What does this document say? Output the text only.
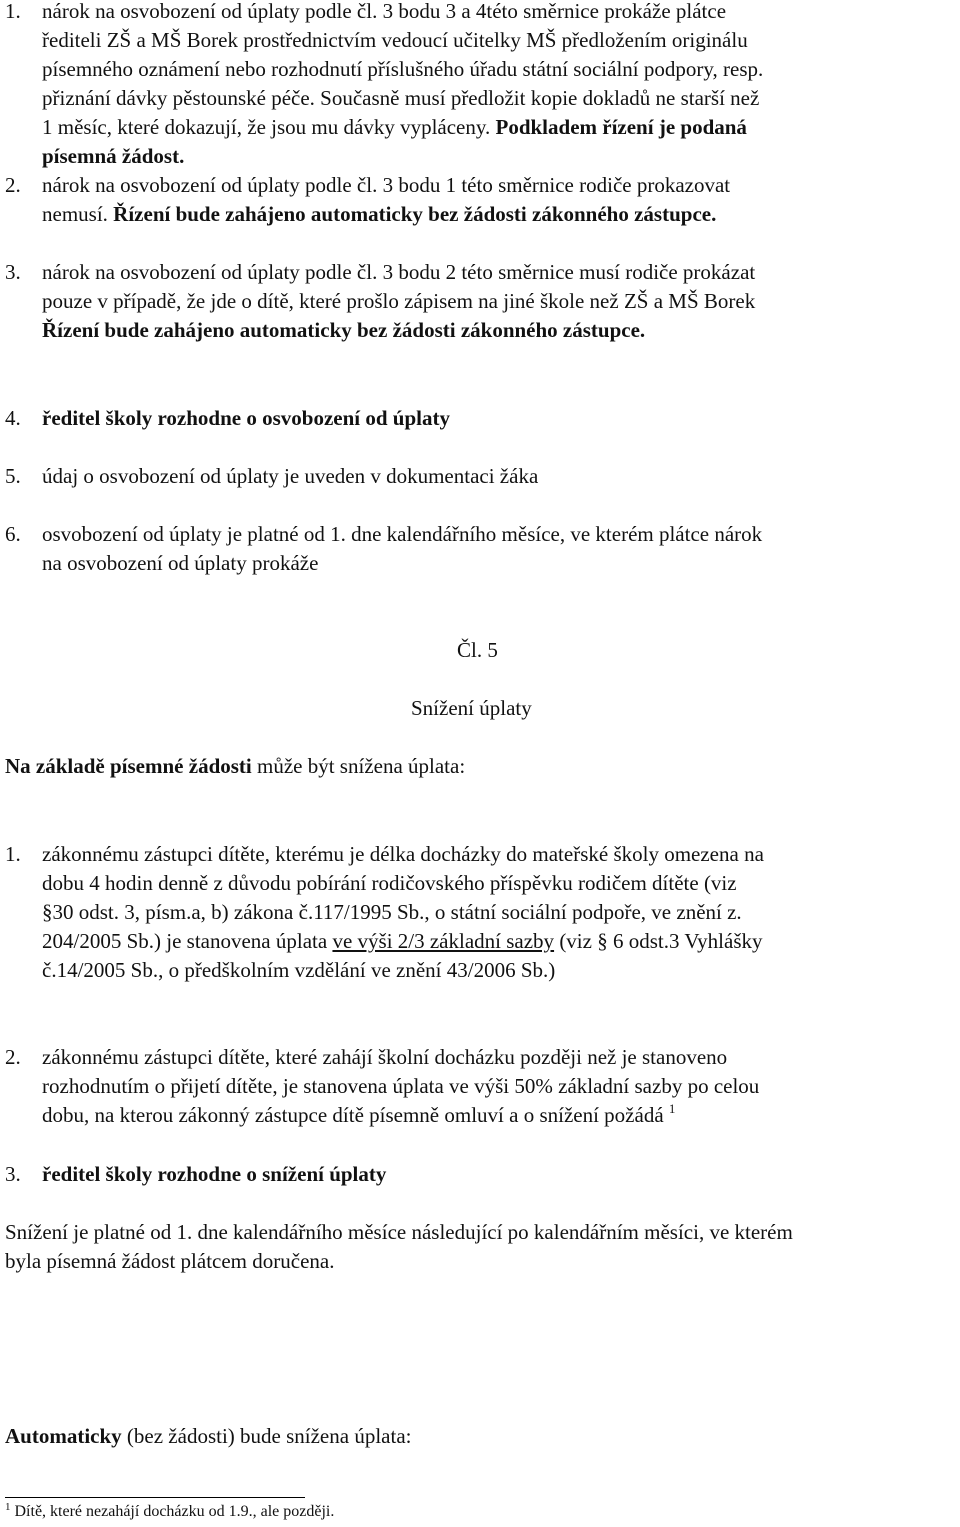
1. nárok na osvobození od úplaty podle čl. 3 bodu 3 a 4této směrnice prokáže plátce
řediteli ZŠ a MŠ Borek prostřednictvím vedoucí učitelky MŠ předložením originálu
písemného oznámení nebo rozhodnutí příslušného úřadu státní sociální podpory, resp.
přiznání dávky pěstounské péče. Současně musí předložit kopie dokladů ne starší než
1 měsíc, které dokazují, že jsou mu dávky vypláceny. Podkladem řízení je podaná
písemná žádost.
2. nárok na osvobození od úplaty podle čl. 3 bodu 1 této směrnice rodiče prokazovat
nemusí. Řízení bude zahájeno automaticky bez žádosti zákonného zástupce.
3. nárok na osvobození od úplaty podle čl. 3 bodu 2 této směrnice musí rodiče prokázat
pouze v případě, že jde o dítě, které prošlo zápisem na jiné škole než ZŠ a MŠ Borek
Řízení bude zahájeno automaticky bez žádosti zákonného zástupce.
4. ředitel školy rozhodne o osvobození od úplaty
5. údaj o osvobození od úplaty je uveden v dokumentaci žáka
6. osvobození od úplaty je platné od 1. dne kalendářního měsíce, ve kterém plátce nárok
na osvobození od úplaty prokáže
Čl. 5
Snížení úplaty
Na základě písemné žádosti může být snížena úplata:
1. zákonnému zástupci dítěte, kterému je délka docházky do mateřské školy omezena na
dobu 4 hodin denně z důvodu pobírání rodičovského příspěvku rodičem dítěte (viz
§30 odst. 3, písm.a, b) zákona č.117/1995 Sb., o státní sociální podpoře, ve znění z.
204/2005 Sb.) je stanovena úplata ve výši 2/3 základní sazby (viz § 6 odst.3 Vyhlášky
č.14/2005 Sb., o předškolním vzdělání ve znění 43/2006 Sb.)
2. zákonnému zástupci dítěte, které zahájí školní docházku později než je stanoveno
rozhodnutím o přijetí dítěte, je stanovena úplata ve výši 50% základní sazby po celou
dobu, na kterou zákonný zástupce dítě písemně omluví a o snížení požádá $^1$
3. ředitel školy rozhodne o snížení úplaty
Snížení je platné od 1. dne kalendářního měsíce následující po kalendářním měsíci, ve kterém
byla písemná žádost plátcem doručena.
Automaticky (bez žádosti) bude snížena úplata:
$^1$ Dítě, které nezahájí docházku od 1.9., ale později.
